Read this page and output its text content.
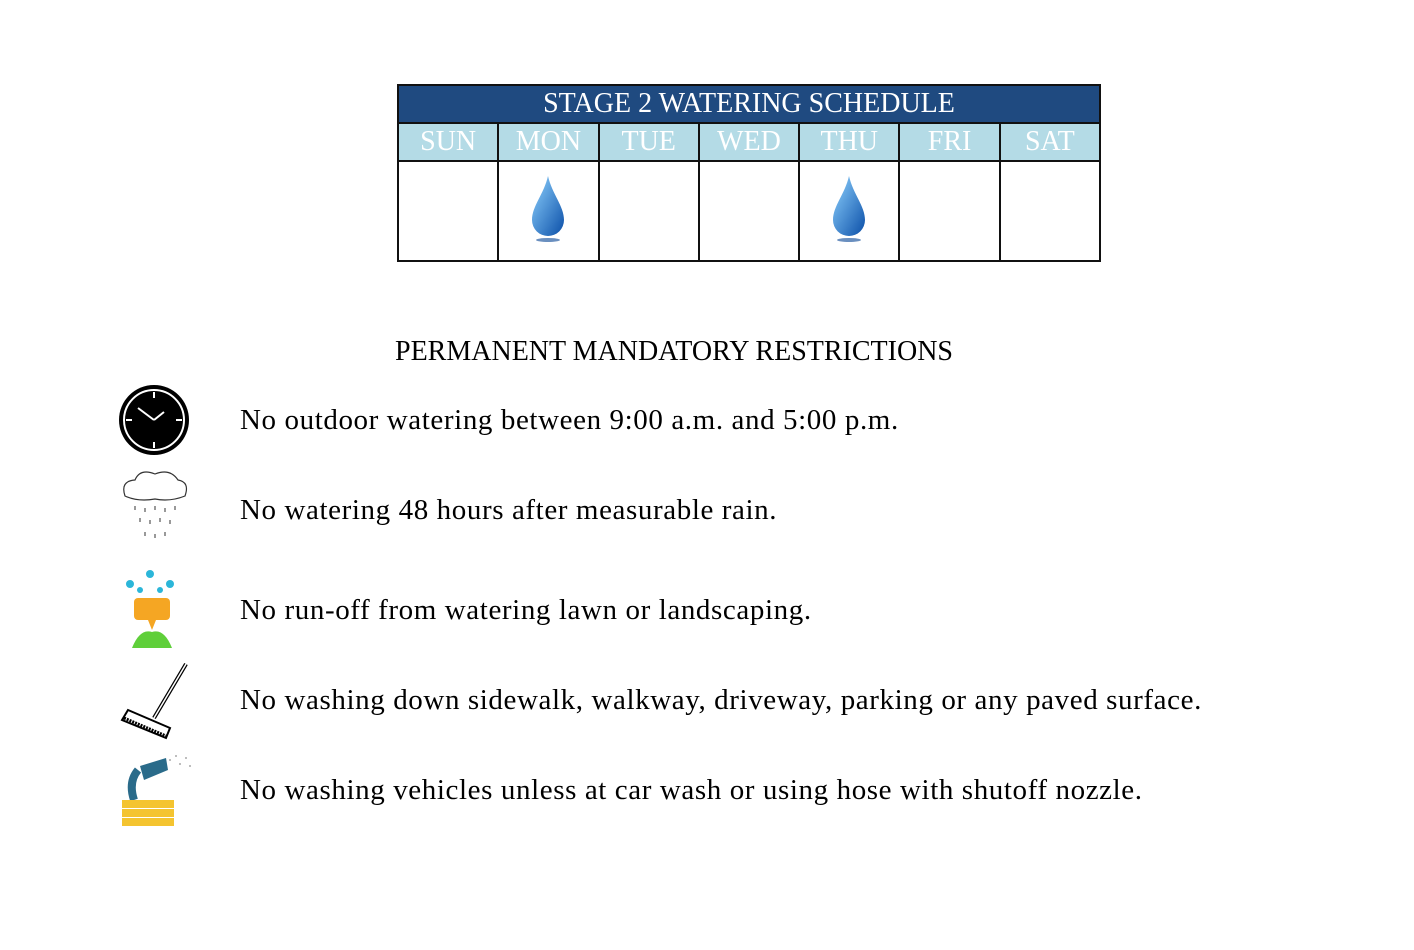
STAGE 2 WATERING SCHEDULE						
SUN	MON	TUE	WED	THU	FRI	SAT

PERMANENT MANDATORY RESTRICTIONS
No outdoor watering between 9:00 a.m. and 5:00 p.m.
No watering 48 hours after measurable rain.
No run-off from watering lawn or landscaping.
No washing down sidewalk, walkway, driveway, parking or any paved surface.
No washing vehicles unless at car wash or using hose with shutoff nozzle.
